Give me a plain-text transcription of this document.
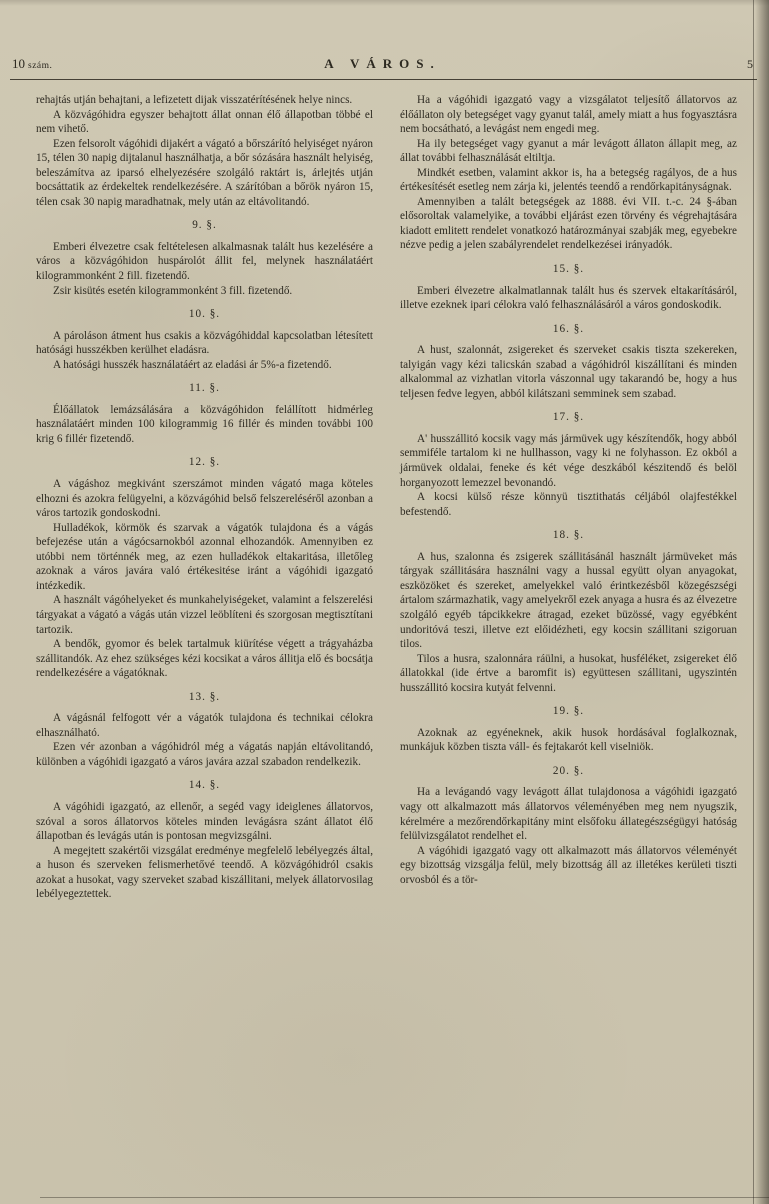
10 szám.	A VÁROS.	5

rehajtás utján behajtani, a lefizetett dijak visszatérítésének helye nincs.

A közvágóhidra egyszer behajtott állat onnan élő állapotban többé el nem vihető.

Ezen felsorolt vágóhidi dijakért a vágató a bőrszárító helyiséget nyáron 15, télen 30 napig dijtalanul használhatja, a bőr sózására használt helyiség, beleszámítva az iparsó elhelyezésére szolgáló raktárt is, árlejtés utján bocsáttatik az érdekeltek rendelkezésére. A szárítóban a bőrök nyáron 15, télen csak 30 napig maradhatnak, mely után az eltávolitandó.

9. §.

Emberi élvezetre csak feltételesen alkalmasnak talált hus kezelésére a város a közvágóhidon huspárolót állit fel, melynek használatáért kilogrammonként 2 fill. fizetendő.

Zsir kisütés esetén kilogrammonként 3 fill. fizetendő.

10. §.

A pároláson átment hus csakis a közvágóhiddal kapcsolatban létesített hatósági husszékben kerülhet eladásra.

A hatósági husszék használatáért az eladási ár 5%-a fizetendő.

11. §.

Élőállatok lemázsálására a közvágóhidon felállított hidmérleg használatáért minden 100 kilogrammig 16 fillér és minden további 100 krig 6 fillér fizetendő.

12. §.

A vágáshoz megkivánt szerszámot minden vágató maga köteles elhozni és azokra felügyelni, a közvágóhid belső felszereléséről azonban a város tartozik gondoskodni.

Hulladékok, körmök és szarvak a vágatók tulajdona és a vágás befejezése után a vágócsarnokból azonnal elhozandók. Amennyiben ez utóbbi nem történnék meg, az ezen hulladékok eltakaritása, illetőleg azoknak a város javára való értékesitése iránt a vágóhidi igazgató intézkedik.

A használt vágóhelyeket és munkahelyiségeket, valamint a felszerelési tárgyakat a vágató a vágás után vizzel leöblíteni és szorgosan megtisztítani tartozik.

A bendők, gyomor és belek tartalmuk kiürítése végett a trágyaházba szállitandók. Az ehez szükséges kézi kocsikat a város állitja elő és bocsátja rendelkezésére a vágatóknak.

13. §.

A vágásnál felfogott vér a vágatók tulajdona és technikai célokra elhasználható.

Ezen vér azonban a vágóhidról még a vágatás napján eltávolitandó, különben a vágóhidi igazgató a város javára azzal szabadon rendelkezik.

14. §.

A vágóhidi igazgató, az ellenőr, a segéd vagy ideiglenes állatorvos, szóval a soros állatorvos köteles minden levágásra szánt állatot élő állapotban és levágás után is pontosan megvizsgálni.

A megejtett szakértői vizsgálat eredménye megfelelő lebélyegzés által, a huson és szerveken felismerhetővé teendő. A közvágóhidról csakis azokat a husokat, vagy szerveket szabad kiszállitani, melyek állatorvosilag lebélyegeztettek.

Ha a vágóhidi igazgató vagy a vizsgálatot teljesítő állatorvos az élőállaton oly betegséget vagy gyanut talál, amely miatt a hus fogyasztásra nem bocsátható, a levágást nem engedi meg.

Ha ily betegséget vagy gyanut a már levágott állaton állapit meg, az állat további felhasználását eltiltja.

Mindkét esetben, valamint akkor is, ha a betegség ragályos, de a hus értékesítését esetleg nem zárja ki, jelentés teendő a rendőrkapitányságnak.

Amennyiben a talált betegségek az 1888. évi VII. t.-c. 24 §-ában elősoroltak valamelyike, a további eljárást ezen törvény és végrehajtására kiadott emlitett rendelet vonatkozó határozmányai szabják meg, egyebekre nézve pedig a jelen szabályrendelet rendelkezései irányadók.

15. §.

Emberi élvezetre alkalmatlannak talált hus és szervek eltakarításáról, illetve ezeknek ipari célokra való felhasználásáról a város gondoskodik.

16. §.

A hust, szalonnát, zsigereket és szerveket csakis tiszta szekereken, talyigán vagy kézi talicskán szabad a vágóhidról kiszállítani és minden alkalommal az vizhatlan vitorla vászonnal ugy takarandó be, hogy a hus teljesen fedve legyen, abból kilátszani semminek sem szabad.

17. §.

A' husszállitó kocsik vagy más jármüvek ugy készítendők, hogy abból semmiféle tartalom ki ne hullhasson, vagy ki ne folyhasson. Ez okból a jármüvek oldalai, feneke és két vége deszkából készitendő és belöl horganyozott lemezzel bevonandó.

A kocsi külső része könnyü tisztithatás céljából olajfestékkel befestendő.

18. §.

A hus, szalonna és zsigerek szállitásánál használt jármüveket más tárgyak szállitására használni vagy a hussal együtt olyan anyagokat, eszközöket és szereket, amelyekkel való érintkezésből közegészségi ártalom származhatik, vagy amelyekről ezek anyaga a husra és az élvezetre szolgáló egyéb tápcikkekre átragad, ezeket büzössé, vagy egyébként undoritóvá teszi, illetve ezt előidézheti, egy kocsin szállitani szigoruan tilos.

Tilos a husra, szalonnára ráülni, a husokat, husféléket, zsigereket élő állatokkal (ide értve a baromfit is) együttesen szállitani, ugyszintén husszállitó kocsira kutyát felvenni.

19. §.

Azoknak az egyéneknek, akik husok hordásával foglalkoznak, munkájuk közben tiszta váll- és fejtakarót kell viselniök.

20. §.

Ha a levágandó vagy levágott állat tulajdonosa a vágóhidi igazgató vagy ott alkalmazott más állatorvos véleményében meg nem nyugszik, kérelmére a mezőrendőrkapitány mint elsőfoku állategészségügyi hatóság felülvizsgálatot rendelhet el.

A vágóhidi igazgató vagy ott alkalmazott más állatorvos véleményét egy bizottság vizsgálja felül, mely bizottság áll az illetékes kerületi tiszti orvosból és a tör-
